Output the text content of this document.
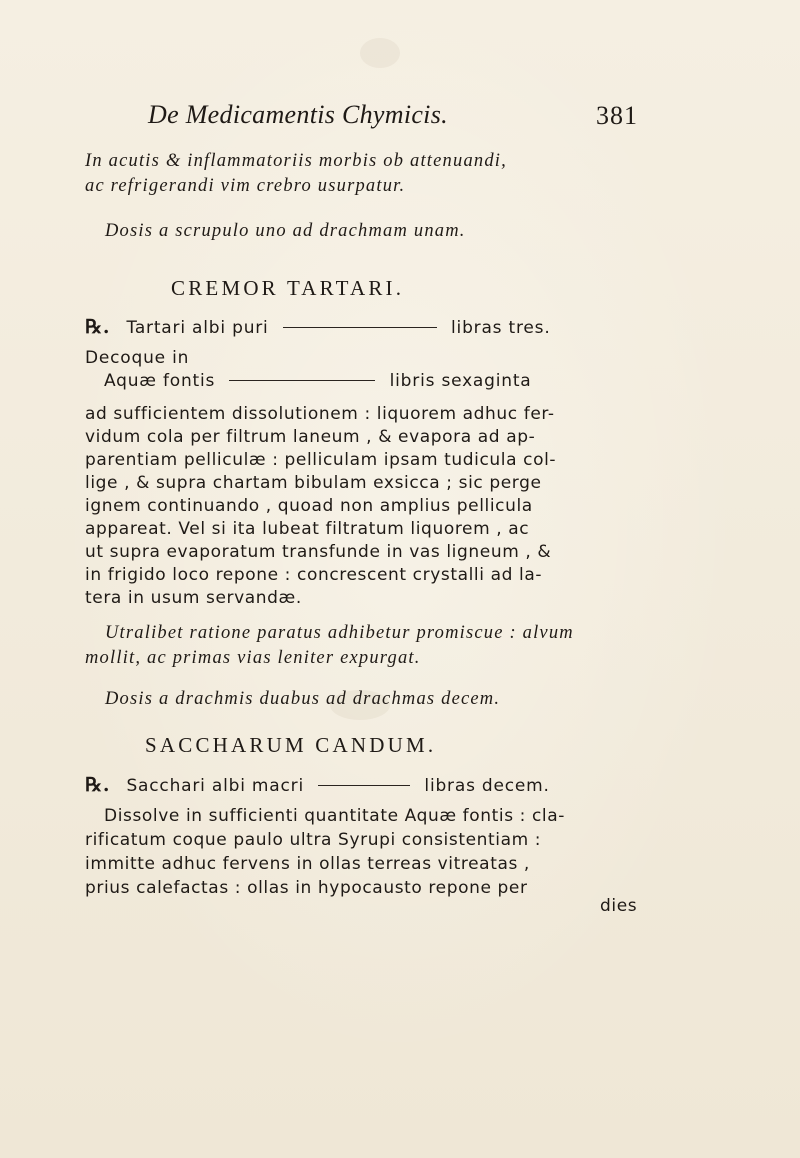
De Medicamentis Chymicis.	381
In acutis & inflammatoriis morbis ob attenuandi,
ac refrigerandi vim crebro usurpatur.
Dosis a scrupulo uno ad drachmam unam.
CREMOR TARTARI.
℞. Tartari albi puri	libras tres.
Decoque in
Aquæ fontis	libris sexaginta
ad sufficientem dissolutionem : liquorem adhuc fer-
vidum cola per filtrum laneum , & evapora ad ap-
parentiam pelliculæ : pelliculam ipsam tudicula col-
lige , & supra chartam bibulam exsicca ; sic perge
ignem continuando , quoad non amplius pellicula
appareat. Vel si ita lubeat filtratum liquorem , ac
ut supra evaporatum transfunde in vas ligneum , &
in frigido loco repone : concrescent crystalli ad la-
tera in usum servandæ.
Utralibet ratione paratus adhibetur promiscue : alvum
mollit, ac primas vias leniter expurgat.
Dosis a drachmis duabus ad drachmas decem.
SACCHARUM CANDUM.
℞. Sacchari albi macri	libras decem.
Dissolve in sufficienti quantitate Aquæ fontis : cla-
rificatum coque paulo ultra Syrupi consistentiam :
immitte adhuc fervens in ollas terreas vitreatas ,
prius calefactas : ollas in hypocausto repone per
dies
